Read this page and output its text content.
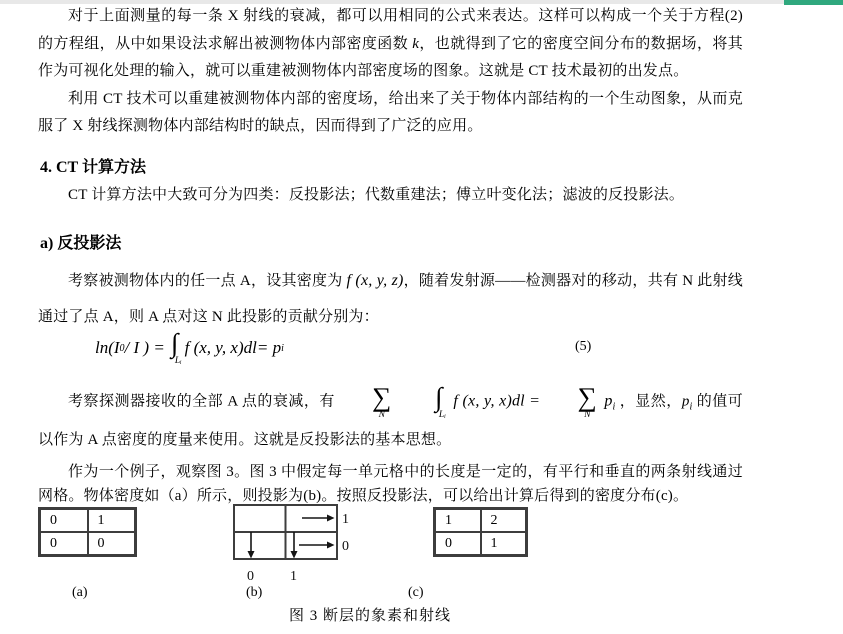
对于上面测量的每一条 X 射线的衰减，都可以用相同的公式来表达。这样可以构成一个关于方程(2)的方程组，从中如果设法求解出被测物体内部密度函数 k，也就得到了它的密度空间分布的数据场，将其作为可视化处理的输入，就可以重建被测物体内部密度场的图象。这就是 CT 技术最初的出发点。
利用 CT 技术可以重建被测物体内部的密度场，给出来了关于物体内部结构的一个生动图象，从而克服了 X 射线探测物体内部结构时的缺点，因而得到了广泛的应用。
4. CT 计算方法
CT 计算方法中大致可分为四类：反投影法；代数重建法；傅立叶变化法；滤波的反投影法。
a) 反投影法
考察被测物体内的任一点 A，设其密度为 f (x, y, z)，随着发射源——检测器对的移动，共有 N 此射线通过了点 A，则 A 点对这 N 此投影的贡献分别为：
ln(I 0 / I ) = ∫
Lᵢ
f (x, y, x)dl = p i	(5)
考察探测器接收的全部 A 点的衰减，有	∑
N

∫
Lᵢ
f (x, y, x)dl =	∑
N
$p_i$ ，显然，$p_i$ 的值可以作为 A 点密度的度量来使用。这就是反投影法的基本思想。
作为一个例子，观察图 3。图 3 中假定每一单元格中的长度是一定的，有平行和垂直的两条射线通过网格。物体密度如（a）所示，则投影为(b)。按照反投影法，可以给出计算后得到的密度分布(c)。
0	1
0	0
1
0
0	1
1	2
0	1
(a)	(b)	(c)
图 3 断层的象素和射线
